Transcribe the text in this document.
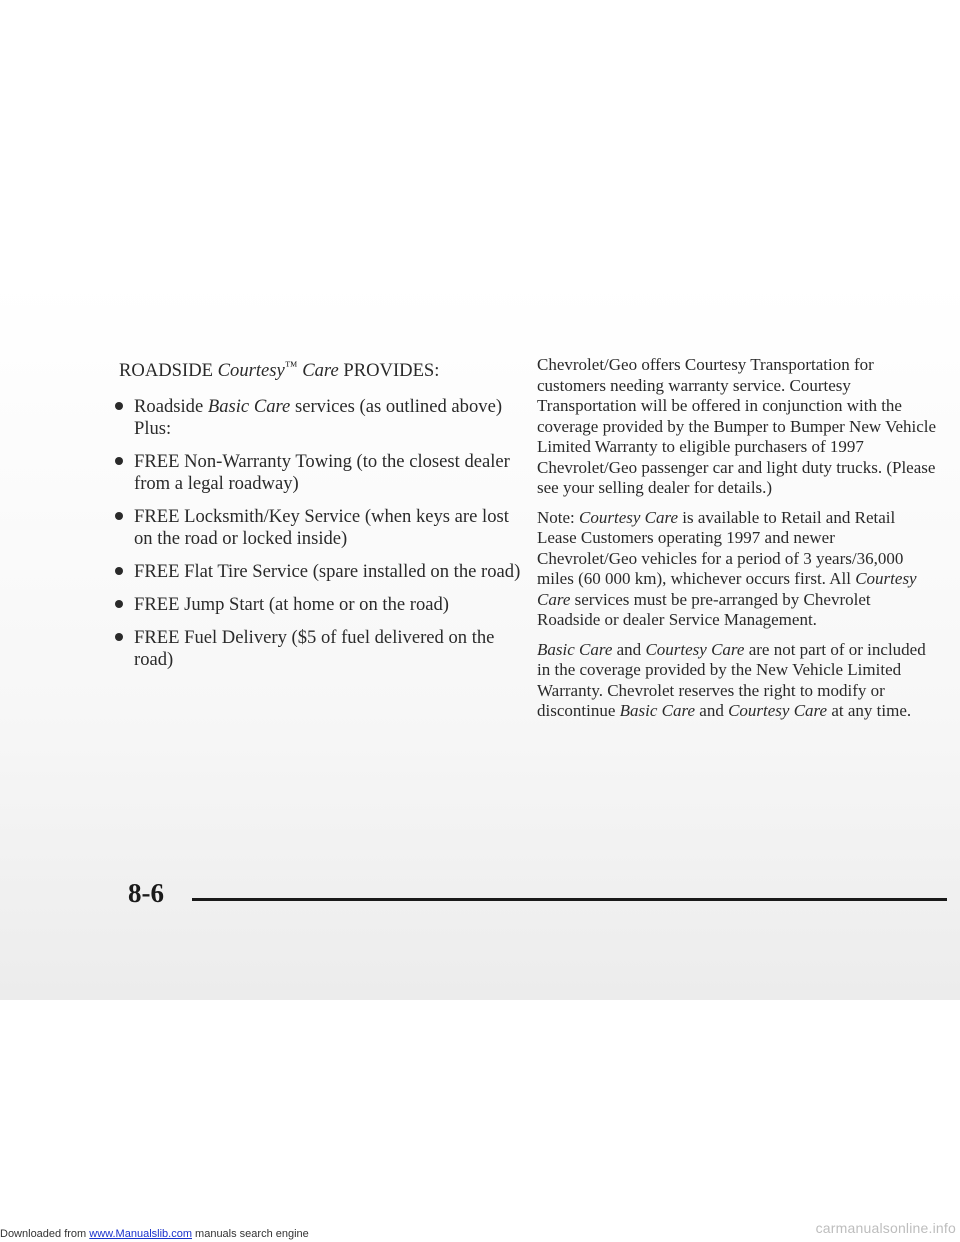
ROADSIDE Courtesy™ Care PROVIDES:
Roadside Basic Care services (as outlined above) Plus:
FREE Non-Warranty Towing (to the closest dealer from a legal roadway)
FREE Locksmith/Key Service (when keys are lost on the road or locked inside)
FREE Flat Tire Service (spare installed on the road)
FREE Jump Start (at home or on the road)
FREE Fuel Delivery ($5 of fuel delivered on the road)

Chevrolet/Geo offers Courtesy Transportation for customers needing warranty service. Courtesy Transportation will be offered in conjunction with the coverage provided by the Bumper to Bumper New Vehicle Limited Warranty to eligible purchasers of 1997 Chevrolet/Geo passenger car and light duty trucks. (Please see your selling dealer for details.)

Note: Courtesy Care is available to Retail and Retail Lease Customers operating 1997 and newer Chevrolet/Geo vehicles for a period of 3 years/36,000 miles (60 000 km), whichever occurs first. All Courtesy Care services must be pre-arranged by Chevrolet Roadside or dealer Service Management.

Basic Care and Courtesy Care are not part of or included in the coverage provided by the New Vehicle Limited Warranty. Chevrolet reserves the right to modify or discontinue Basic Care and Courtesy Care at any time.

8-6
Downloaded from www.Manualslib.com manuals search engine	carmanualsonline.info
